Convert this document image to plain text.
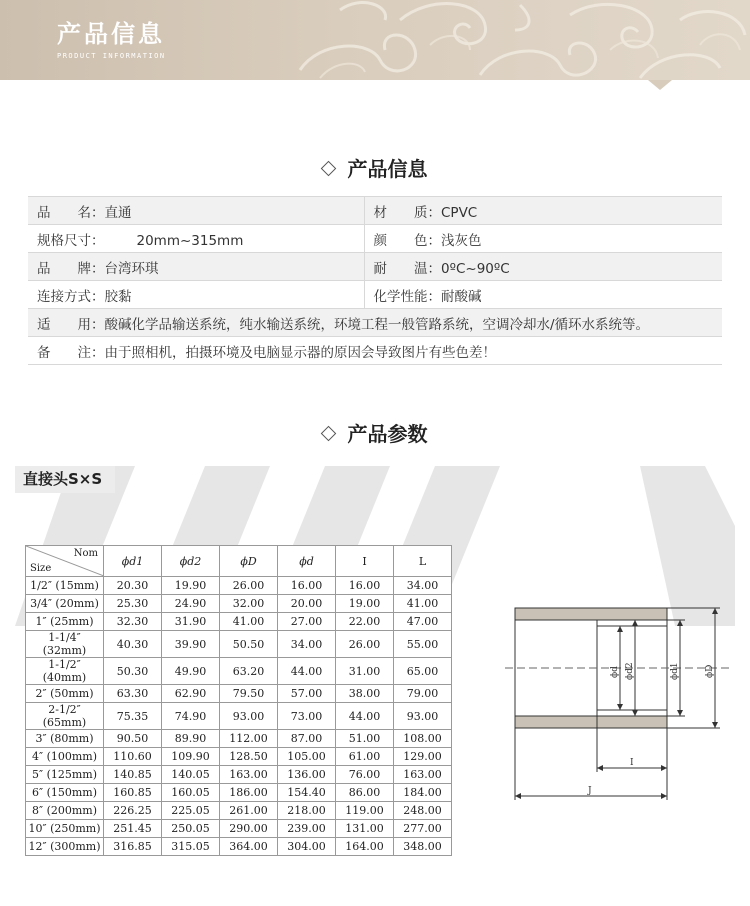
产品信息
PRODUCT INFORMATION
产品信息
品　　名：直通	材　　质：CPVC
规格尺寸： 20mm~315mm	颜　　色：浅灰色
品　　牌：台湾环琪	耐　　温：0ºC~90ºC
连接方式：胶黏	化学性能：耐酸碱
适　　用：酸碱化学品输送系统，纯水输送系统，环境工程一般管路系统，空调冷却水/循环水系统等。	
备　　注：由于照相机，拍摄环境及电脑显示器的原因会导致图片有些色差！	
产品参数
直接头S×S
Nom
Size	ϕd1	ϕd2	ϕD	ϕd	I	L
1/2″ (15mm)	20.30	19.90	26.00	16.00	16.00	34.00
3/4″ (20mm)	25.30	24.90	32.00	20.00	19.00	41.00
1″ (25mm)	32.30	31.90	41.00	27.00	22.00	47.00
1-1/4″ (32mm)	40.30	39.90	50.50	34.00	26.00	55.00
1-1/2″ (40mm)	50.30	49.90	63.20	44.00	31.00	65.00
2″ (50mm)	63.30	62.90	79.50	57.00	38.00	79.00
2-1/2″ (65mm)	75.35	74.90	93.00	73.00	44.00	93.00
3″ (80mm)	90.50	89.90	112.00	87.00	51.00	108.00
4″ (100mm)	110.60	109.90	128.50	105.00	61.00	129.00
5″ (125mm)	140.85	140.05	163.00	136.00	76.00	163.00
6″ (150mm)	160.85	160.05	186.00	154.40	86.00	184.00
8″ (200mm)	226.25	225.05	261.00	218.00	119.00	248.00
10″ (250mm)	251.45	250.05	290.00	239.00	131.00	277.00
12″ (300mm)	316.85	315.05	364.00	304.00	164.00	348.00
ϕd ϕd2	ϕd1	ϕD
I
J
